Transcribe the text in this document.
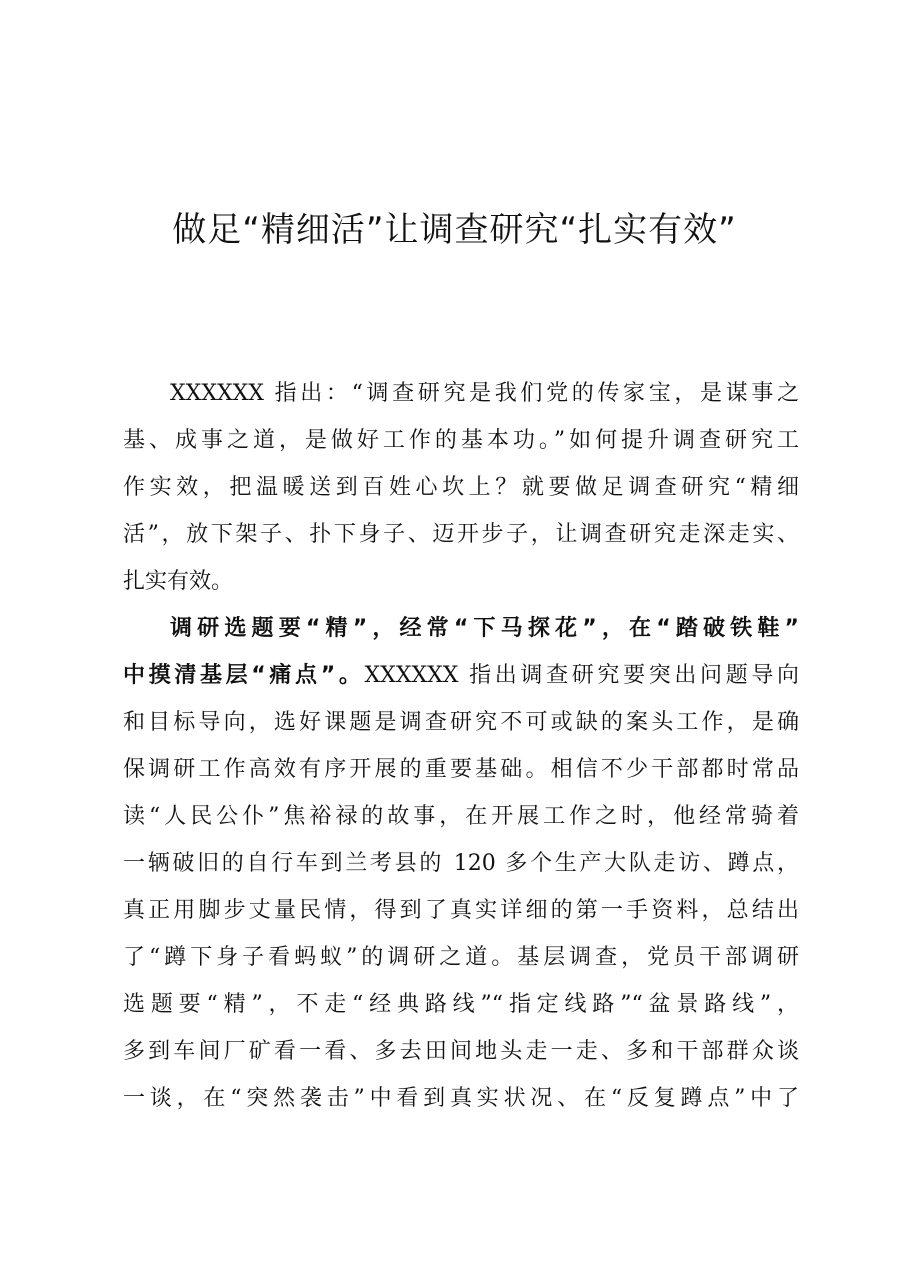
做足“精细活”让调查研究“扎实有效”
XXXXXX 指出：“调查研究是我们党的传家宝，是谋事之
基、成事之道，是做好工作的基本功。”如何提升调查研究工
作实效，把温暖送到百姓心坎上？就要做足调查研究“精细
活”，放下架子、扑下身子、迈开步子，让调查研究走深走实、
扎实有效。
调研选题要“精”，经常“下马探花”，在“踏破铁鞋”
中摸清基层“痛点”。XXXXXX 指出调查研究要突出问题导向
和目标导向，选好课题是调查研究不可或缺的案头工作，是确
保调研工作高效有序开展的重要基础。相信不少干部都时常品
读“人民公仆”焦裕禄的故事，在开展工作之时，他经常骑着
一辆破旧的自行车到兰考县的 120 多个生产大队走访、蹲点，
真正用脚步丈量民情，得到了真实详细的第一手资料，总结出
了“蹲下身子看蚂蚁”的调研之道。基层调查，党员干部调研
选题要“精”，不走“经典路线”“指定线路”“盆景路线”，
多到车间厂矿看一看、多去田间地头走一走、多和干部群众谈
一谈，在“突然袭击”中看到真实状况、在“反复蹲点”中了
